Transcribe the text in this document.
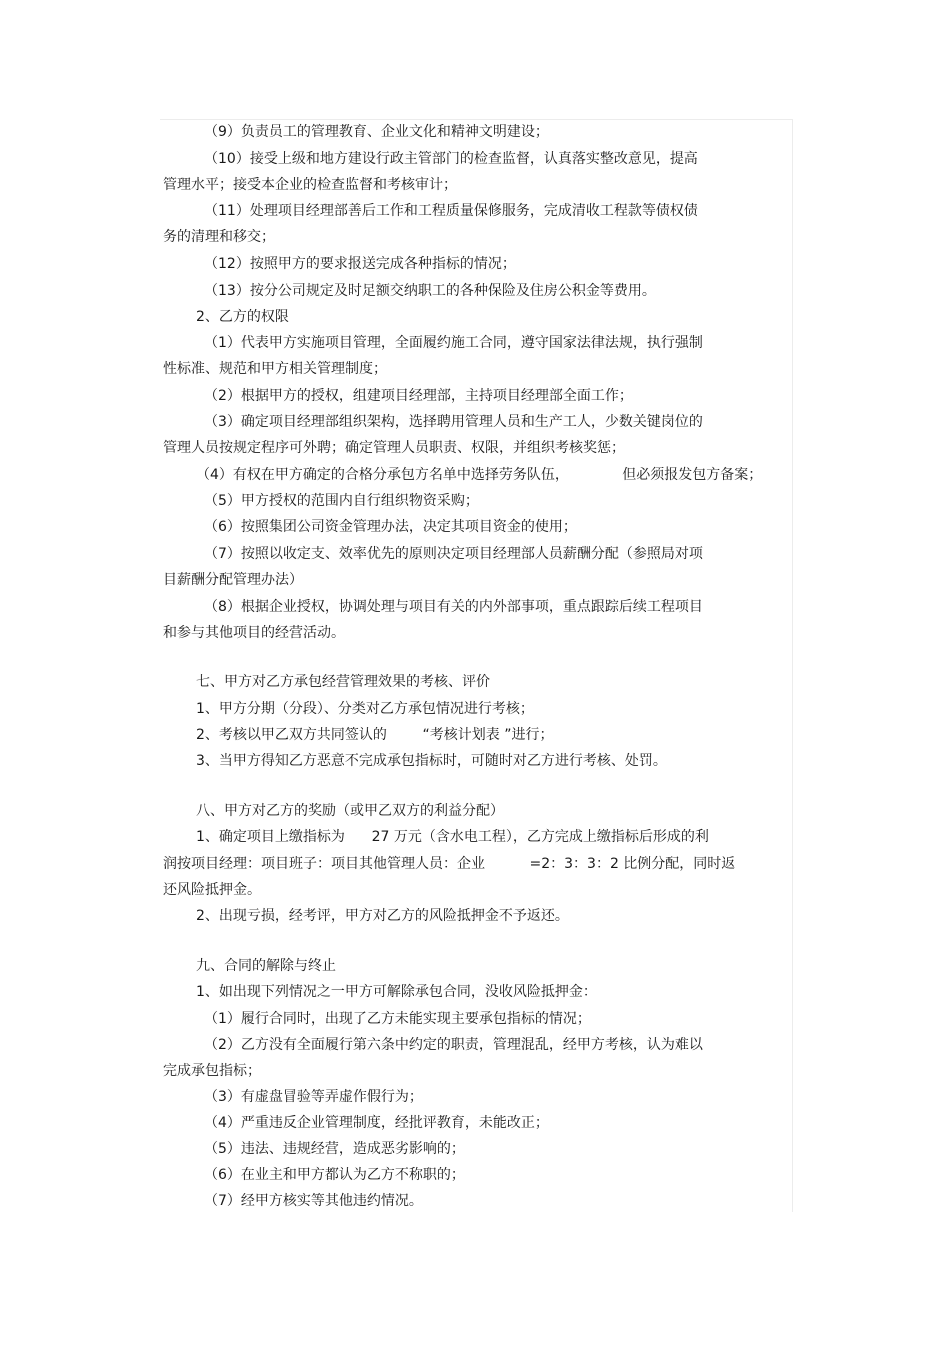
（9）负责员工的管理教育、企业文化和精神文明建设；
（10）接受上级和地方建设行政主管部门的检查监督，认真落实整改意见，提高
管理水平；接受本企业的检查监督和考核审计；
（11）处理项目经理部善后工作和工程质量保修服务，完成清收工程款等债权债
务的清理和移交；
（12）按照甲方的要求报送完成各种指标的情况；
（13）按分公司规定及时足额交纳职工的各种保险及住房公积金等费用。
2、乙方的权限
（1）代表甲方实施项目管理，全面履约施工合同，遵守国家法律法规，执行强制
性标准、规范和甲方相关管理制度；
（2）根据甲方的授权，组建项目经理部，主持项目经理部全面工作；
（3）确定项目经理部组织架构，选择聘用管理人员和生产工人，少数关键岗位的
管理人员按规定程序可外聘；确定管理人员职责、权限，并组织考核奖惩；
（4）有权在甲方确定的合格分承包方名单中选择劳务队伍，            但必须报发包方备案；
（5）甲方授权的范围内自行组织物资采购；
（6）按照集团公司资金管理办法，决定其项目资金的使用；
（7）按照以收定支、效率优先的原则决定项目经理部人员薪酬分配（参照局对项
目薪酬分配管理办法）
（8）根据企业授权，协调处理与项目有关的内外部事项，重点跟踪后续工程项目
和参与其他项目的经营活动。
七、甲方对乙方承包经营管理效果的考核、评价
1、甲方分期（分段）、分类对乙方承包情况进行考核；
2、考核以甲乙双方共同签认的        “考核计划表 ”进行；
3、当甲方得知乙方恶意不完成承包指标时，可随时对乙方进行考核、处罚。
八、甲方对乙方的奖励（或甲乙双方的利益分配）
1、确定项目上缴指标为      27 万元（含水电工程），乙方完成上缴指标后形成的利
润按项目经理：项目班子：项目其他管理人员：企业          =2：3：3：2 比例分配，同时返
还风险抵押金。
2、出现亏损，经考评，甲方对乙方的风险抵押金不予返还。
九、合同的解除与终止
1、如出现下列情况之一甲方可解除承包合同，没收风险抵押金：
（1）履行合同时，出现了乙方未能实现主要承包指标的情况；
（2）乙方没有全面履行第六条中约定的职责，管理混乱，经甲方考核，认为难以
完成承包指标；
（3）有虚盘冒验等弄虚作假行为；
（4）严重违反企业管理制度，经批评教育，未能改正；
（5）违法、违规经营，造成恶劣影响的；
（6）在业主和甲方都认为乙方不称职的；
（7）经甲方核实等其他违约情况。
